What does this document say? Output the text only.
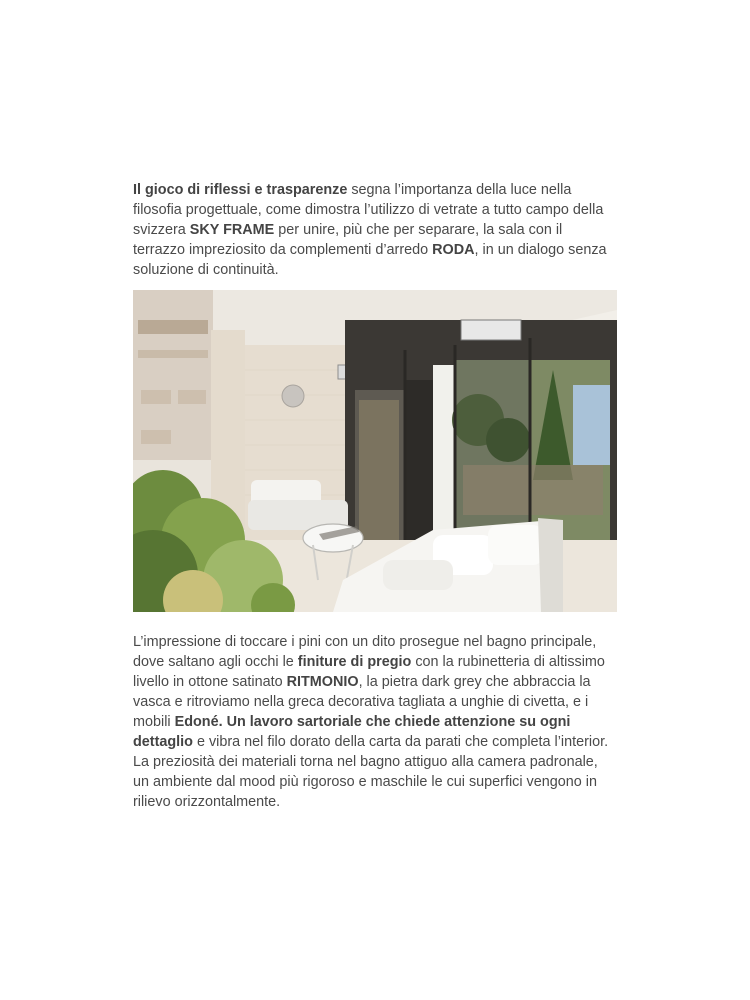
Il gioco di riflessi e trasparenze segna l’importanza della luce nella filosofia progettuale, come dimostra l’utilizzo di vetrate a tutto campo della svizzera SKY FRAME per unire, più che per separare, la sala con il terrazzo impreziosito da complementi d’arredo RODA, in un dialogo senza soluzione di continuità.

L’impressione di toccare i pini con un dito prosegue nel bagno principale, dove saltano agli occhi le finiture di pregio con la rubinetteria di altissimo livello in ottone satinato RITMONIO, la pietra dark grey che abbraccia la vasca e ritroviamo nella greca decorativa tagliata a unghie di civetta, e i mobili Edoné. Un lavoro sartoriale che chiede attenzione su ogni dettaglio e vibra nel filo dorato della carta da parati che completa l’interior. La preziosità dei materiali torna nel bagno attiguo alla camera padronale, un ambiente dal mood più rigoroso e maschile le cui superfici vengono in rilievo orizzontalmente.
